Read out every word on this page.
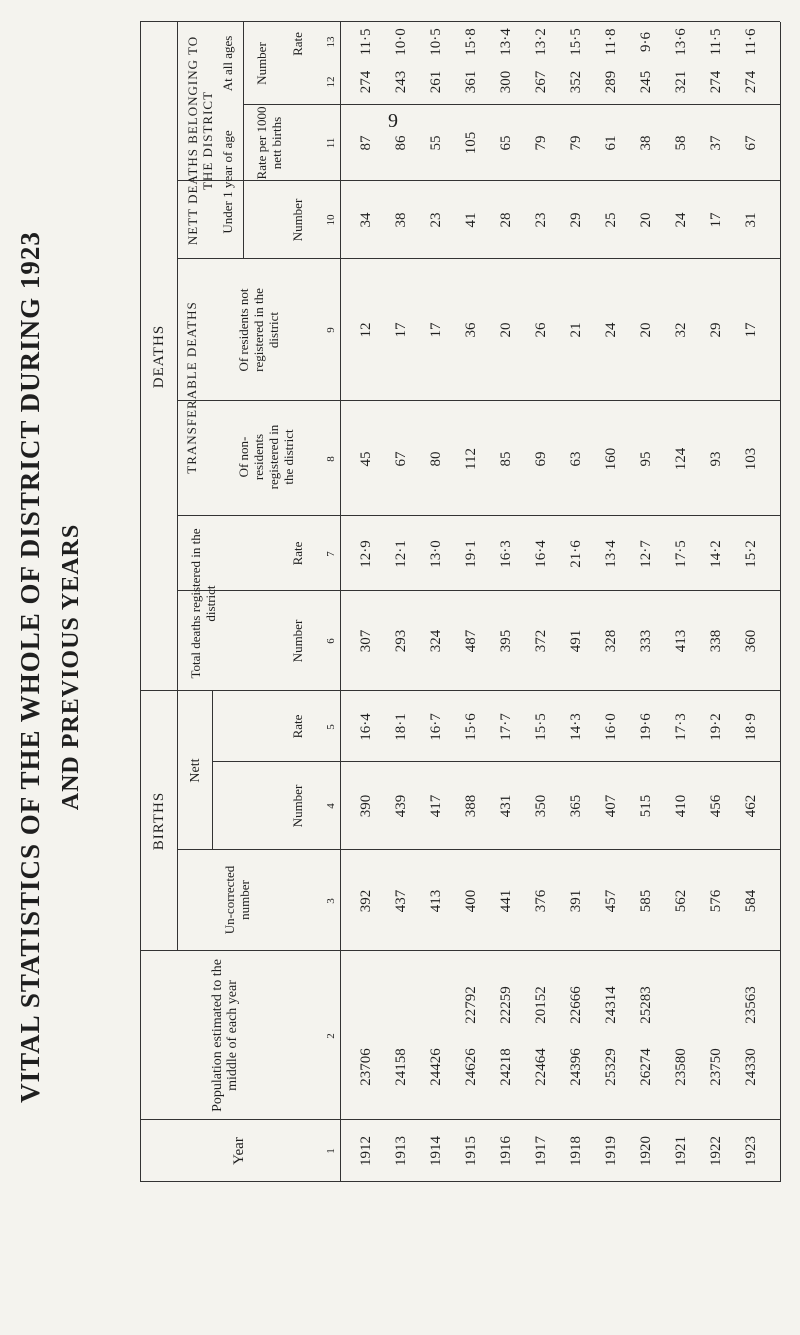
9
VITAL STATISTICS OF THE WHOLE OF DISTRICT DURING 1923 AND PREVIOUS YEARS
BIRTHS
DEATHS
Year
Population estimated to the middle of each year
Un-corrected number
Nett
Number
Rate
Total deaths registered in the district
Number
Rate
TRANSFERABLE DEATHS	Of non-residents registered in the district
Of residents not registered in the district
NETT DEATHS BELONGING TO THE DISTRICT Under 1 year of age
At all ages
Number
Rate per 1000 nett births
Number Rate
1
2
3
4
5
6
7
8
9
10
11
12
13
1912
23706
392
390
16·4
307
12·9
45
12
34
87
274
11·5
1913
24158
437
439
18·1
293
12·1
67
17
38
86
243
10·0
1914
24426
413
417
16·7
324
13·0
80
17
23
55
261
10·5
1915
24626
22792
400
388
15·6
487
19·1
112
36
41
105
361
15·8
1916
24218
22259
441
431
17·7
395
16·3
85
20
28
65
300
13·4
1917
22464
20152
376
350
15·5
372
16·4
69
26
23
79
267
13·2
1918
24396
22666
391
365
14·3
491
21·6
63
21
29
79
352
15·5
1919
25329
24314
457
407
16·0
328
13·4
160
24
25
61
289
11·8
1920
26274
25283
585
515
19·6
333
12·7
95
20
20
38
245
9·6
1921
23580
562
410
17·3
413
17·5
124
32
24
58
321
13·6
1922
23750
576
456
19·2
338
14·2
93
29
17
37
274
11·5
1923
24330
23563
584
462
18·9
360
15·2
103
17
31
67
274
11·6
